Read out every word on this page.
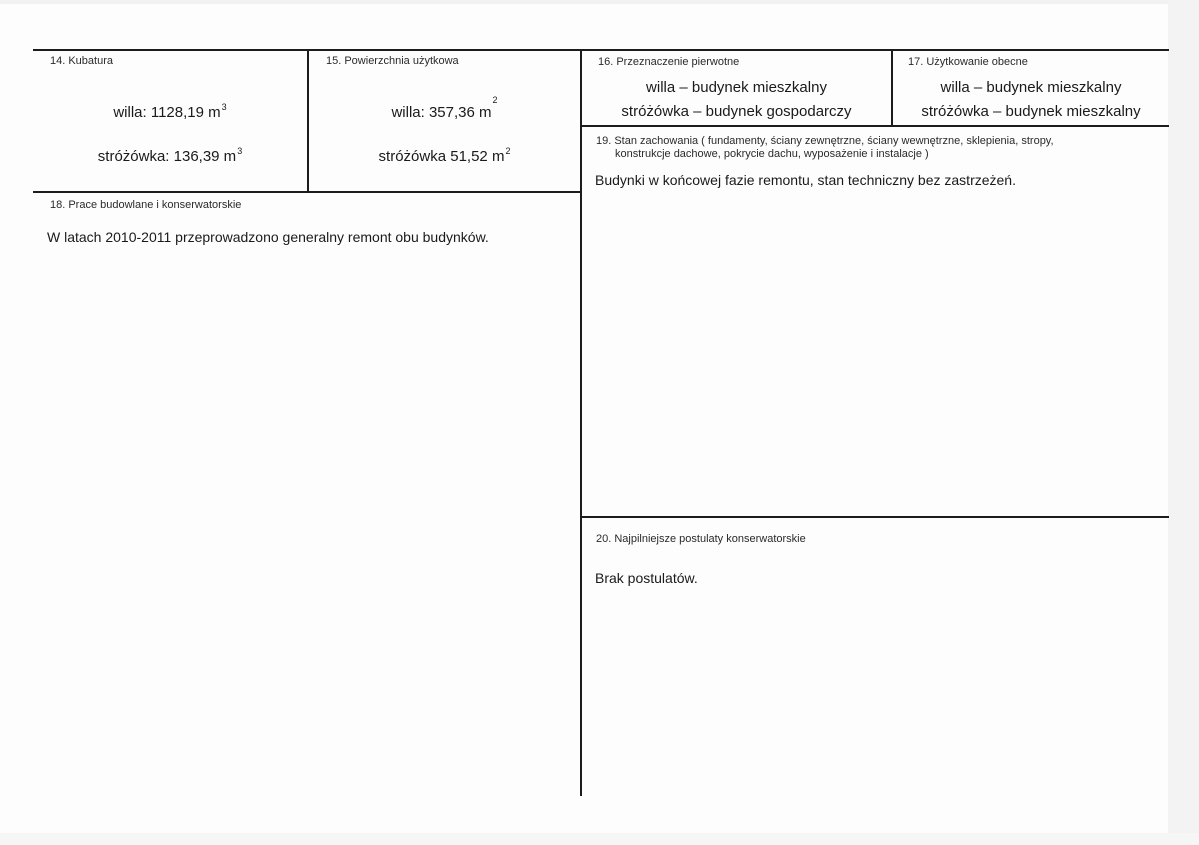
14. Kubatura
willa: 1128,19 $m^3$
stróżówka: 136,39 $m^3$
15. Powierzchnia użytkowa
willa: 357,36 $m^2$
stróżówka 51,52 $m^2$
16. Przeznaczenie pierwotne
willa – budynek mieszkalny
stróżówka – budynek gospodarczy
17. Użytkowanie obecne
willa – budynek mieszkalny
stróżówka – budynek mieszkalny
18. Prace budowlane i konserwatorskie
W latach 2010-2011 przeprowadzono generalny remont obu budynków.
19. Stan zachowania ( fundamenty, ściany zewnętrzne, ściany wewnętrzne, sklepienia, stropy,
konstrukcje dachowe, pokrycie dachu, wyposażenie i instalacje )
Budynki w końcowej fazie remontu, stan techniczny bez zastrzeżeń.
20. Najpilniejsze postulaty konserwatorskie
Brak postulatów.
